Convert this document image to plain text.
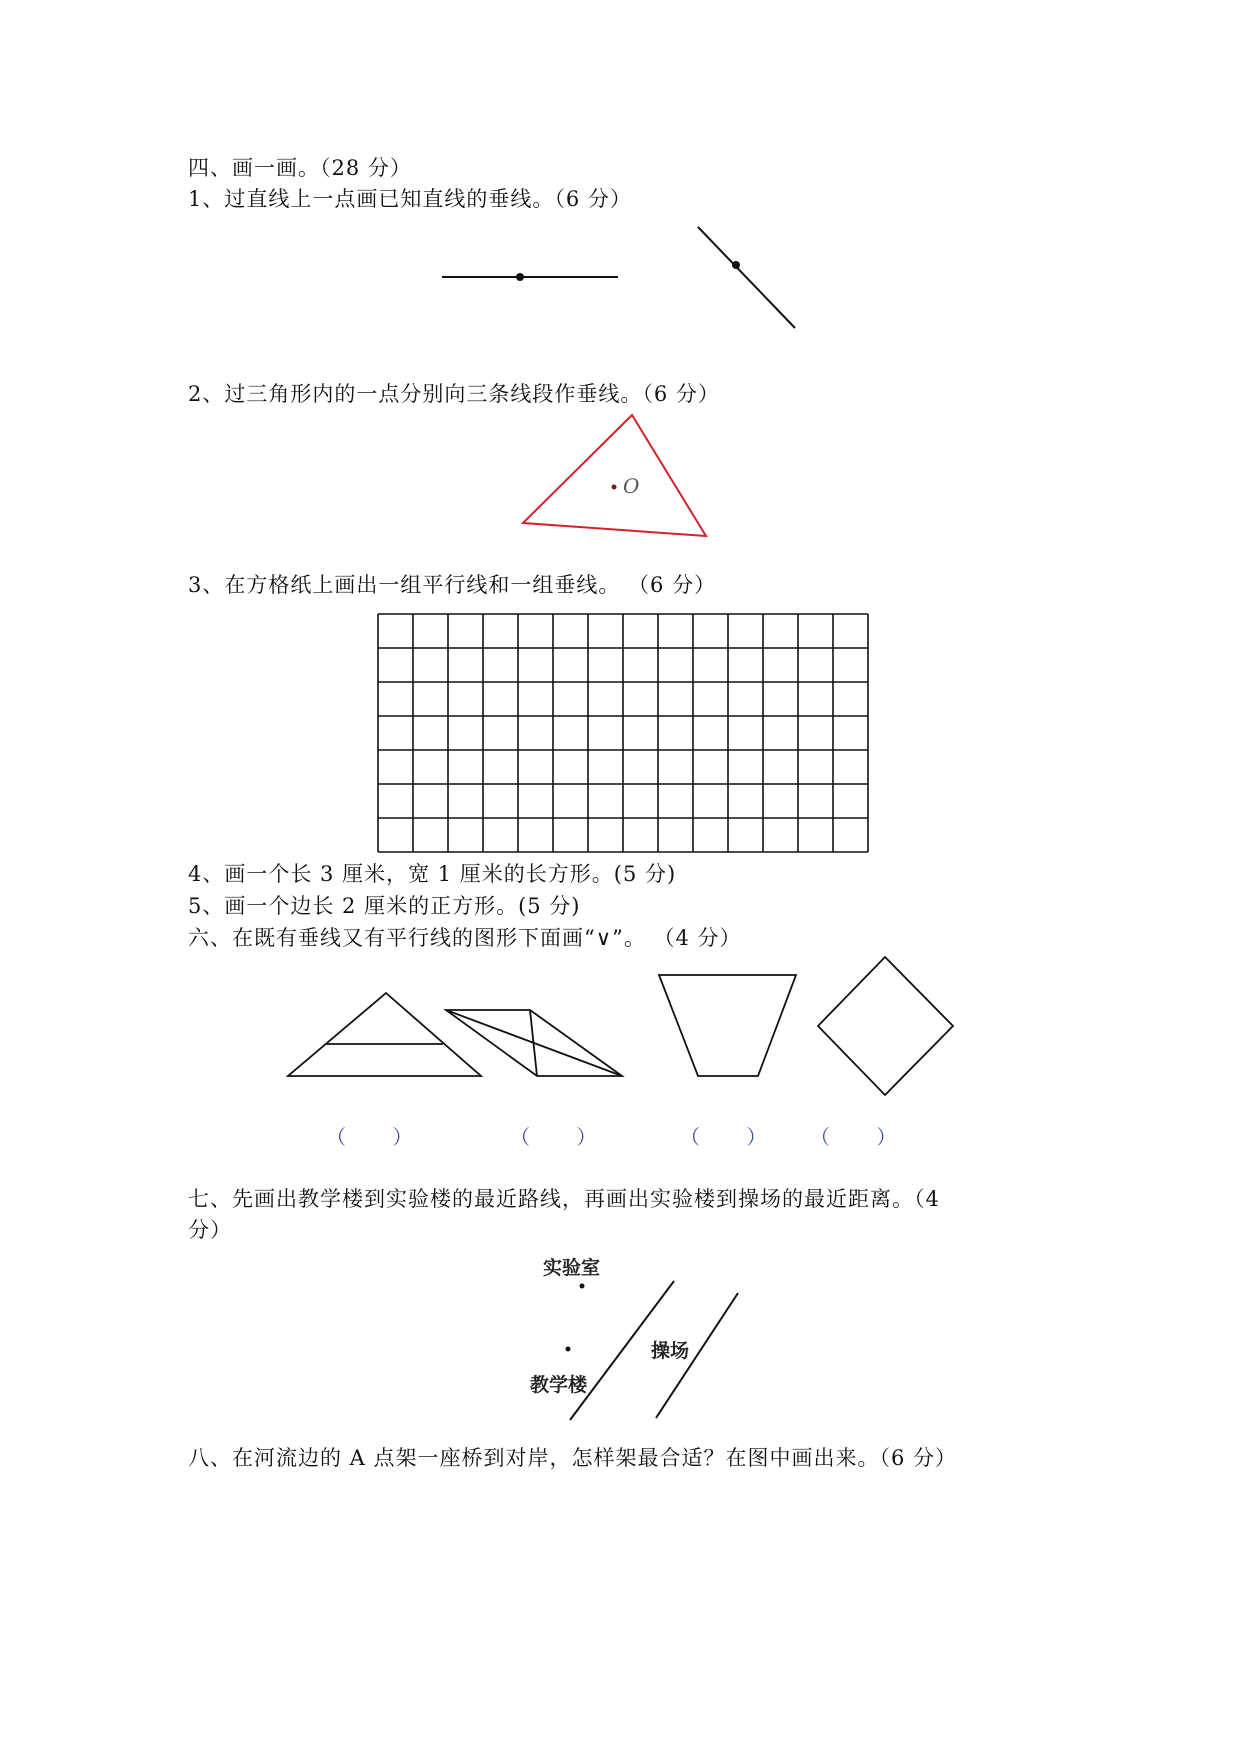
四、画一画。（28 分）
1、过直线上一点画已知直线的垂线。（6 分）
2、过三角形内的一点分别向三条线段作垂线。（6 分）
O
3、在方格纸上画出一组平行线和一组垂线。 （6 分）
4、画一个长 3 厘米，宽 1 厘米的长方形。(5 分)
5、画一个边长 2 厘米的正方形。(5 分)
六、在既有垂线又有平行线的图形下面画“∨”。 （4 分）
（ ）	（ ）	（ ） （ ）
七、先画出教学楼到实验楼的最近路线，再画出实验楼到操场的最近距离。（4
分）
实验室
操场
教学楼
八、在河流边的 A 点架一座桥到对岸，怎样架最合适？在图中画出来。（6 分）
